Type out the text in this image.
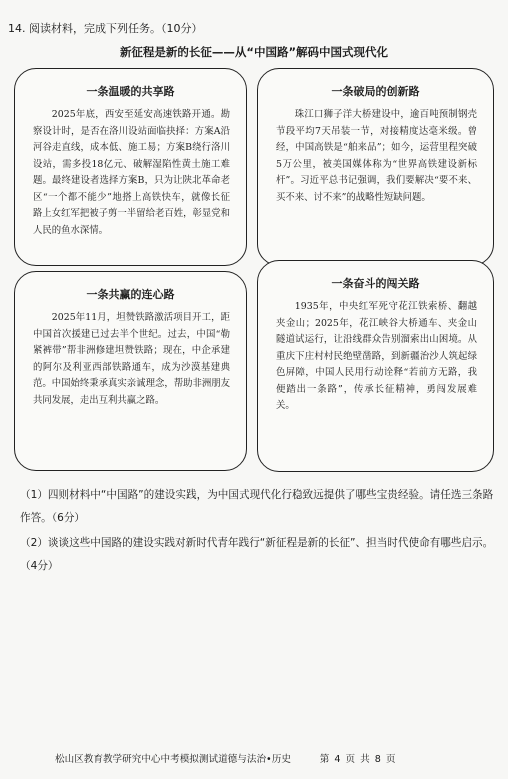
14. 阅读材料，完成下列任务。（10分）
新征程是新的长征——从“中国路”解码中国式现代化
一条温暖的共享路
2025年底，西安至延安高速铁路开通。勘察设计时，是否在洛川设站面临抉择：方案A沿河谷走直线，成本低、施工易；方案B绕行洛川设站，需多投18亿元、破解湿陷性黄土施工难题。最终建设者选择方案B，只为让陕北革命老区“一个都不能少”地搭上高铁快车，就像长征路上女红军把被子剪一半留给老百姓，彰显党和人民的鱼水深情。
一条破局的创新路
珠江口狮子洋大桥建设中，逾百吨预制钢壳节段平均7天吊装一节，对接精度达毫米级。曾经，中国高铁是“舶来品”；如今，运营里程突破5万公里，被美国媒体称为“世界高铁建设新标杆”。习近平总书记强调，我们要解决“要不来、买不来、讨不来”的战略性短缺问题。
一条共赢的连心路
2025年11月，坦赞铁路激活项目开工，距中国首次援建已过去半个世纪。过去，中国“勒紧裤带”帮非洲修建坦赞铁路；现在，中企承建的阿尔及利亚西部铁路通车，成为沙漠基建典范。中国始终秉承真实亲诚理念，帮助非洲朋友共同发展，走出互利共赢之路。
一条奋斗的闯关路
1935年，中央红军死守花江铁索桥、翻越夹金山；2025年，花江峡谷大桥通车、夹金山隧道试运行，让沿线群众告别溜索出山困境。从重庆下庄村村民绝壁凿路，到新疆治沙人筑起绿色屏障，中国人民用行动诠释“若前方无路，我便踏出一条路”，传承长征精神，勇闯发展难关。
（1）四则材料中“中国路”的建设实践，为中国式现代化行稳致远提供了哪些宝贵经验。请任选三条路作答。（6分）
（2）谈谈这些中国路的建设实践对新时代青年践行“新征程是新的长征”、担当时代使命有哪些启示。（4分）
松山区教育教学研究中心中考模拟测试道德与法治•历史　　　第 4 页 共 8 页
